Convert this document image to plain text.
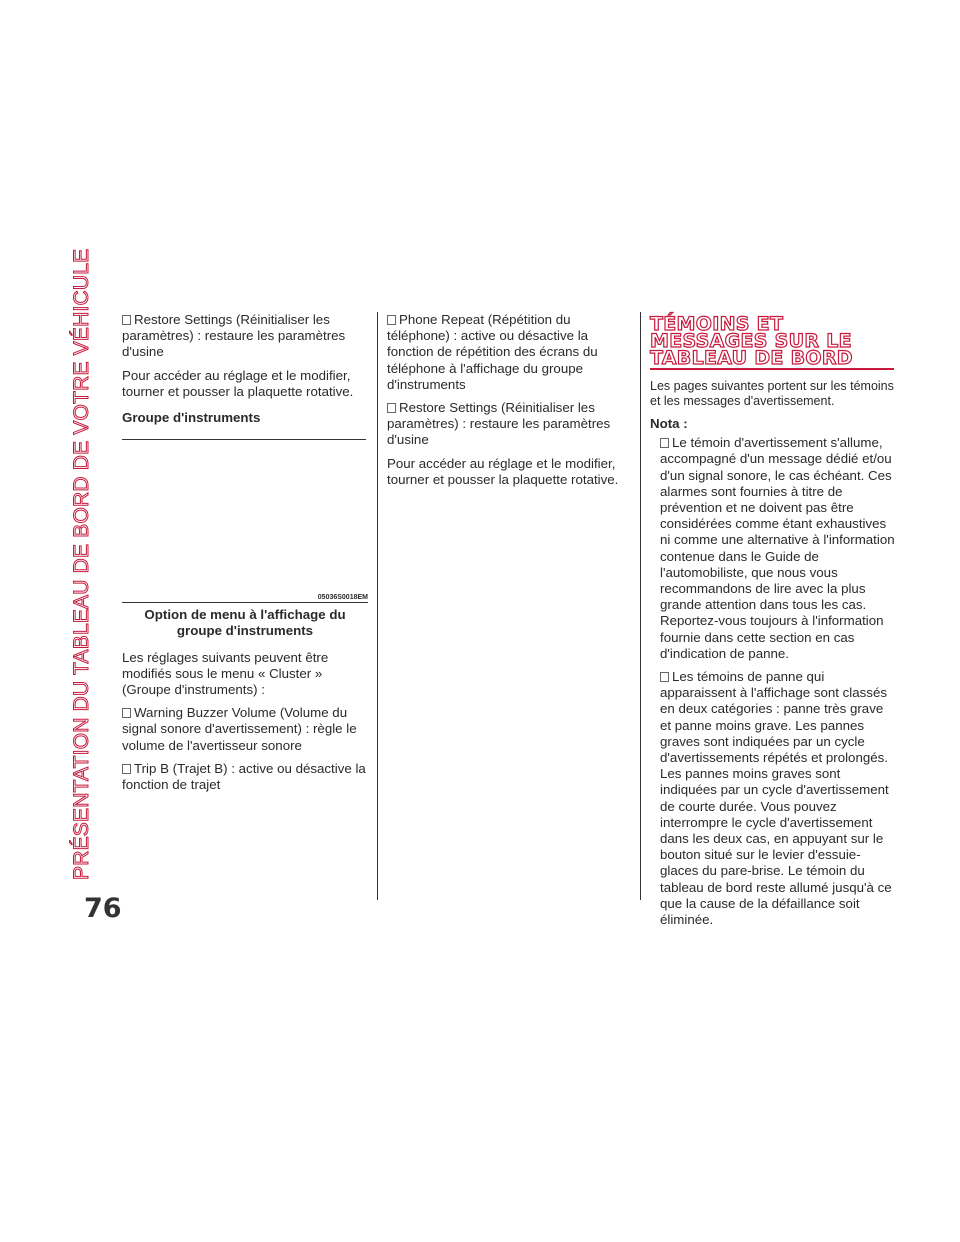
PRÉSENTATION DU TABLEAU DE BORD DE VOTRE VÉHICULE
76

Restore Settings (Réinitialiser les paramètres) : restaure les paramètres d'usine

Pour accéder au réglage et le modifier, tourner et pousser la plaquette rotative.

Groupe d'instruments
05036S0018EM
Option de menu à l'affichage du groupe d'instruments

Les réglages suivants peuvent être modifiés sous le menu « Cluster » (Groupe d'instruments) :

Warning Buzzer Volume (Volume du signal sonore d'avertissement) : règle le volume de l'avertisseur sonore

Trip B (Trajet B) : active ou désactive la fonction de trajet

Phone Repeat (Répétition du téléphone) : active ou désactive la fonction de répétition des écrans du téléphone à l'affichage du groupe d'instruments

Restore Settings (Réinitialiser les paramètres) : restaure les paramètres d'usine

Pour accéder au réglage et le modifier, tourner et pousser la plaquette rotative.

TÉMOINS ET
MESSAGES SUR LE
TABLEAU DE BORD

Les pages suivantes portent sur les témoins et les messages d'avertissement.

Nota :

Le témoin d'avertissement s'allume, accompagné d'un message dédié et/ou d'un signal sonore, le cas échéant. Ces alarmes sont fournies à titre de prévention et ne doivent pas être considérées comme étant exhaustives ni comme une alternative à l'information contenue dans le Guide de l'automobiliste, que nous vous recommandons de lire avec la plus grande attention dans tous les cas. Reportez-vous toujours à l'information fournie dans cette section en cas d'indication de panne.

Les témoins de panne qui apparaissent à l'affichage sont classés en deux catégories : panne très grave et panne moins grave. Les pannes graves sont indiquées par un cycle d'avertissements répétés et prolongés. Les pannes moins graves sont indiquées par un cycle d'avertissement de courte durée. Vous pouvez interrompre le cycle d'avertissement dans les deux cas, en appuyant sur le bouton situé sur le levier d'essuie-glaces du pare-brise. Le témoin du tableau de bord reste allumé jusqu'à ce que la cause de la défaillance soit éliminée.
